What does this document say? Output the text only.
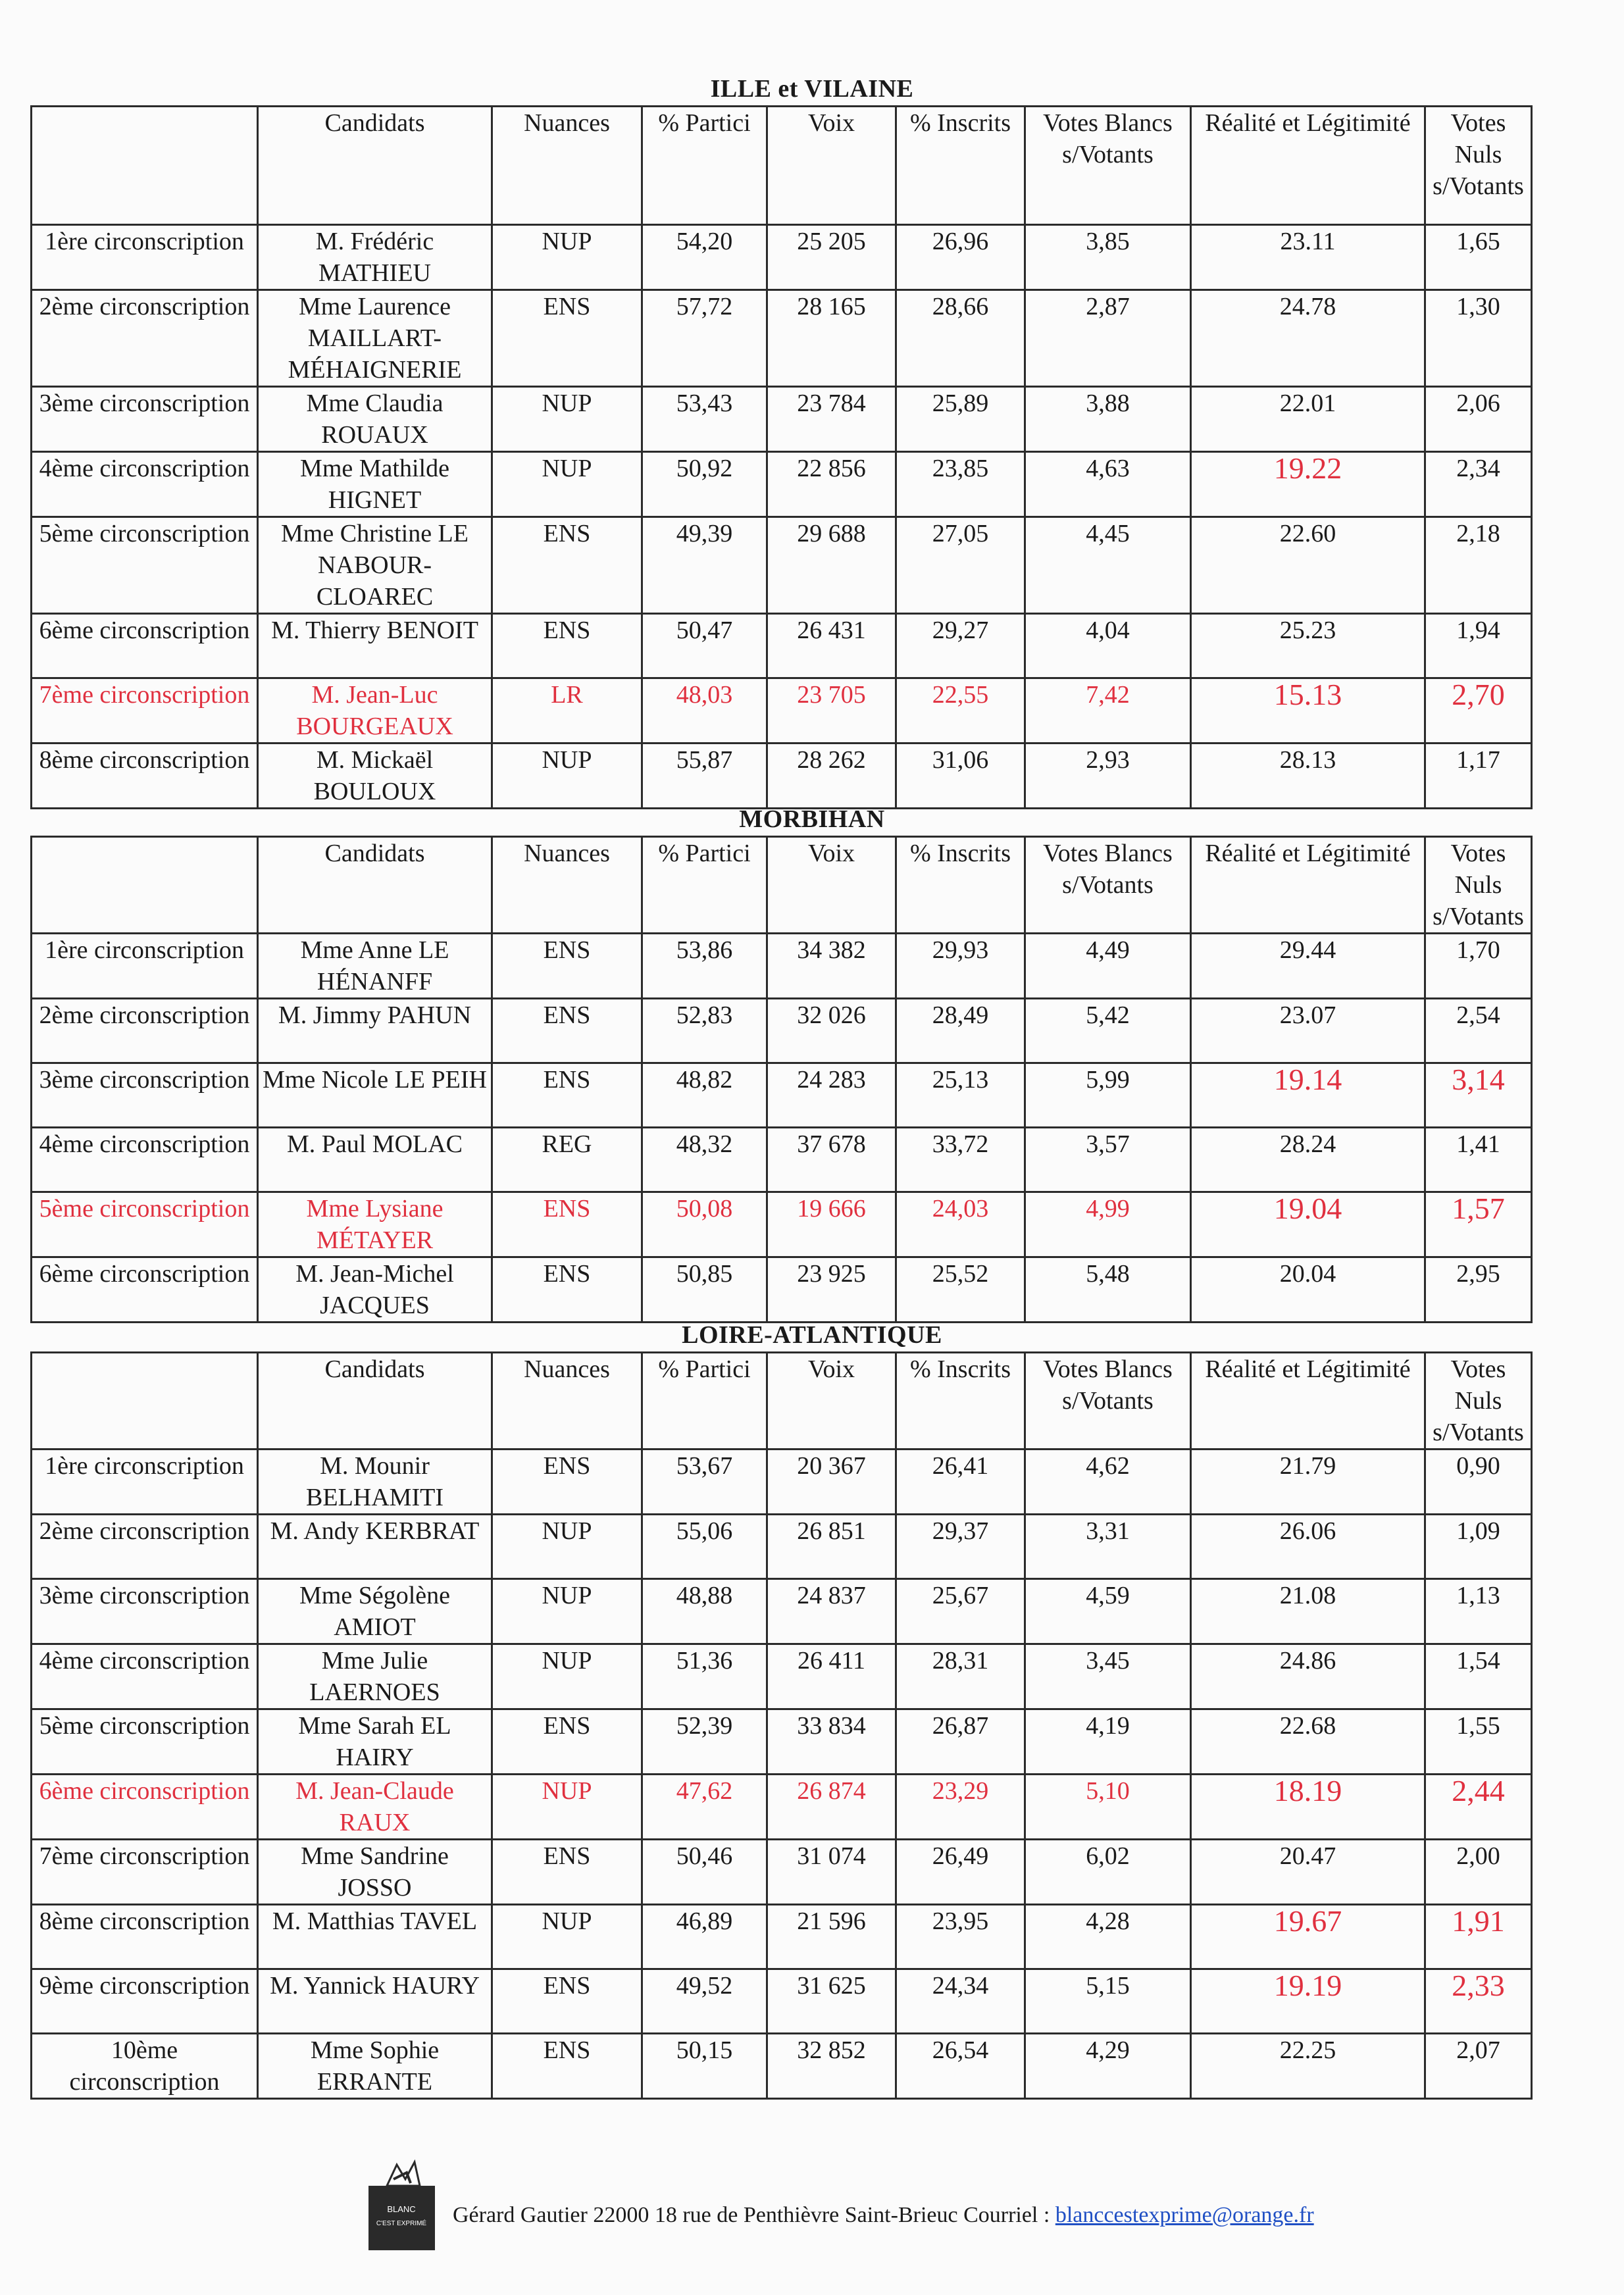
ILLE et VILAINE
	Candidats	Nuances	% Partici	Voix	% Inscrits	Votes Blancs s/Votants	Réalité et Légitimité	Votes Nuls s/Votants
1ère circonscription	M. Frédéric MATHIEU	NUP	54,20	25 205	26,96	3,85	23.11	1,65
2ème circonscription	Mme Laurence MAILLART-MÉHAIGNERIE	ENS	57,72	28 165	28,66	2,87	24.78	1,30
3ème circonscription	Mme Claudia ROUAUX	NUP	53,43	23 784	25,89	3,88	22.01	2,06
4ème circonscription	Mme Mathilde HIGNET	NUP	50,92	22 856	23,85	4,63	19.22	2,34
5ème circonscription	Mme Christine LE NABOUR-CLOAREC	ENS	49,39	29 688	27,05	4,45	22.60	2,18
6ème circonscription	M. Thierry BENOIT	ENS	50,47	26 431	29,27	4,04	25.23	1,94
7ème circonscription	M. Jean-Luc BOURGEAUX	LR	48,03	23 705	22,55	7,42	15.13	2,70
8ème circonscription	M. Mickaël BOULOUX	NUP	55,87	28 262	31,06	2,93	28.13	1,17
MORBIHAN
	Candidats	Nuances	% Partici	Voix	% Inscrits	Votes Blancs s/Votants	Réalité et Légitimité	Votes Nuls s/Votants
1ère circonscription	Mme Anne LE HÉNANFF	ENS	53,86	34 382	29,93	4,49	29.44	1,70
2ème circonscription	M. Jimmy PAHUN	ENS	52,83	32 026	28,49	5,42	23.07	2,54
3ème circonscription	Mme Nicole LE PEIH	ENS	48,82	24 283	25,13	5,99	19.14	3,14
4ème circonscription	M. Paul MOLAC	REG	48,32	37 678	33,72	3,57	28.24	1,41
5ème circonscription	Mme Lysiane MÉTAYER	ENS	50,08	19 666	24,03	4,99	19.04	1,57
6ème circonscription	M. Jean-Michel JACQUES	ENS	50,85	23 925	25,52	5,48	20.04	2,95
LOIRE-ATLANTIQUE
	Candidats	Nuances	% Partici	Voix	% Inscrits	Votes Blancs s/Votants	Réalité et Légitimité	Votes Nuls s/Votants
1ère circonscription	M. Mounir BELHAMITI	ENS	53,67	20 367	26,41	4,62	21.79	0,90
2ème circonscription	M. Andy KERBRAT	NUP	55,06	26 851	29,37	3,31	26.06	1,09
3ème circonscription	Mme Ségolène AMIOT	NUP	48,88	24 837	25,67	4,59	21.08	1,13
4ème circonscription	Mme Julie LAERNOES	NUP	51,36	26 411	28,31	3,45	24.86	1,54
5ème circonscription	Mme Sarah EL HAIRY	ENS	52,39	33 834	26,87	4,19	22.68	1,55
6ème circonscription	M. Jean-Claude RAUX	NUP	47,62	26 874	23,29	5,10	18.19	2,44
7ème circonscription	Mme Sandrine JOSSO	ENS	50,46	31 074	26,49	6,02	20.47	2,00
8ème circonscription	M. Matthias TAVEL	NUP	46,89	21 596	23,95	4,28	19.67	1,91
9ème circonscription	M. Yannick HAURY	ENS	49,52	31 625	24,34	5,15	19.19	2,33
10ème circonscription	Mme Sophie ERRANTE	ENS	50,15	32 852	26,54	4,29	22.25	2,07
BLANC
C'EST EXPRIMÉ Gérard Gautier 22000 18 rue de Penthièvre Saint-Brieuc Courriel : blanccestexprime@orange.fr
